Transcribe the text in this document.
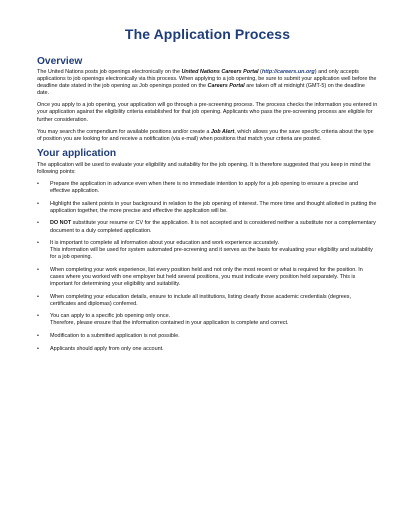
The Application Process
Overview

The United Nations posts job openings electronically on the United Nations Careers Portal (http://careers.un.org) and only accepts applications to job openings electronically via this process. When applying to a job opening, be sure to submit your application well before the deadline date stated in the job opening as Job openings posted on the Careers Portal are taken off at midnight (GMT-5) on the deadline date.

Once you apply to a job opening, your application will go through a pre-screening process. The process checks the information you entered in your application against the eligibility criteria established for that job opening. Applicants who pass the pre-screening process are eligible for further consideration.

You may search the compendium for available positions and/or create a Job Alert, which allows you the save specific criteria about the type of position you are looking for and receive a notification (via e-mail) when positions that match your criteria are posted.

Your application

The application will be used to evaluate your eligibility and suitability for the job opening. It is therefore suggested that you keep in mind the following points:

• Prepare the application in advance even when there is no immediate intention to apply for a job opening to ensure a precise and effective application.
• Highlight the salient points in your background in relation to the job opening of interest. The more time and thought allotted in putting the application together, the more precise and effective the application will be.
• DO NOT substitute your resume or CV for the application. It is not accepted and is considered neither a substitute nor a complementary document to a duly completed application.
• It is important to complete all information about your education and work experience accurately.
This information will be used for system automated pre-screening and it serves as the basis for evaluating your eligibility and suitability for a job opening.
• When completing your work experience, list every position held and not only the most recent or what is required for the position. In cases where you worked with one employer but held several positions, you must indicate every position held separately. This is important for determining your eligibility and suitability.
• When completing your education details, ensure to include all institutions, listing clearly those academic credentials (degrees, certificates and diplomas) conferred.
• You can apply to a specific job opening only once.
Therefore, please ensure that the information contained in your application is complete and correct.
• Modification to a submitted application is not possible.
• Applicants should apply from only one account.
